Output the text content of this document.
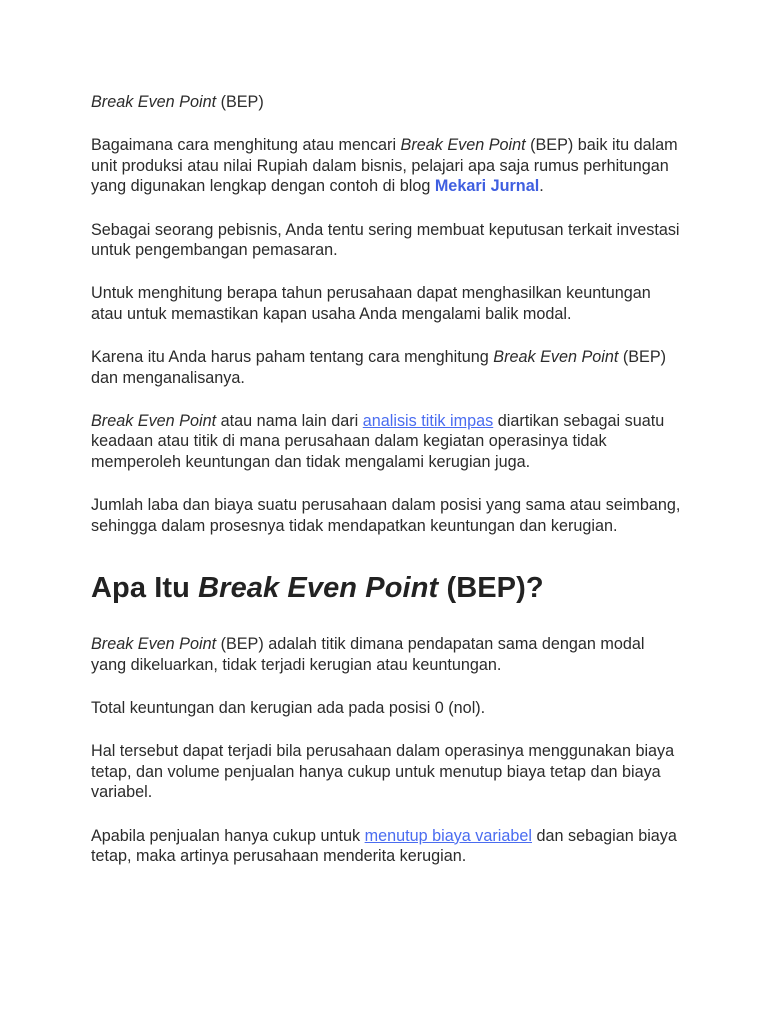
Break Even Point (BEP)

Bagaimana cara menghitung atau mencari Break Even Point (BEP) baik itu dalam unit produksi atau nilai Rupiah dalam bisnis, pelajari apa saja rumus perhitungan yang digunakan lengkap dengan contoh di blog Mekari Jurnal.

Sebagai seorang pebisnis, Anda tentu sering membuat keputusan terkait investasi untuk pengembangan pemasaran.

Untuk menghitung berapa tahun perusahaan dapat menghasilkan keuntungan atau untuk memastikan kapan usaha Anda mengalami balik modal.

Karena itu Anda harus paham tentang cara menghitung Break Even Point (BEP) dan menganalisanya.

Break Even Point atau nama lain dari analisis titik impas diartikan sebagai suatu keadaan atau titik di mana perusahaan dalam kegiatan operasinya tidak memperoleh keuntungan dan tidak mengalami kerugian juga.

Jumlah laba dan biaya suatu perusahaan dalam posisi yang sama atau seimbang, sehingga dalam prosesnya tidak mendapatkan keuntungan dan kerugian.

Apa Itu Break Even Point (BEP)?

Break Even Point (BEP) adalah titik dimana pendapatan sama dengan modal yang dikeluarkan, tidak terjadi kerugian atau keuntungan.

Total keuntungan dan kerugian ada pada posisi 0 (nol).

Hal tersebut dapat terjadi bila perusahaan dalam operasinya menggunakan biaya tetap, dan volume penjualan hanya cukup untuk menutup biaya tetap dan biaya variabel.

Apabila penjualan hanya cukup untuk menutup biaya variabel dan sebagian biaya tetap, maka artinya perusahaan menderita kerugian.
